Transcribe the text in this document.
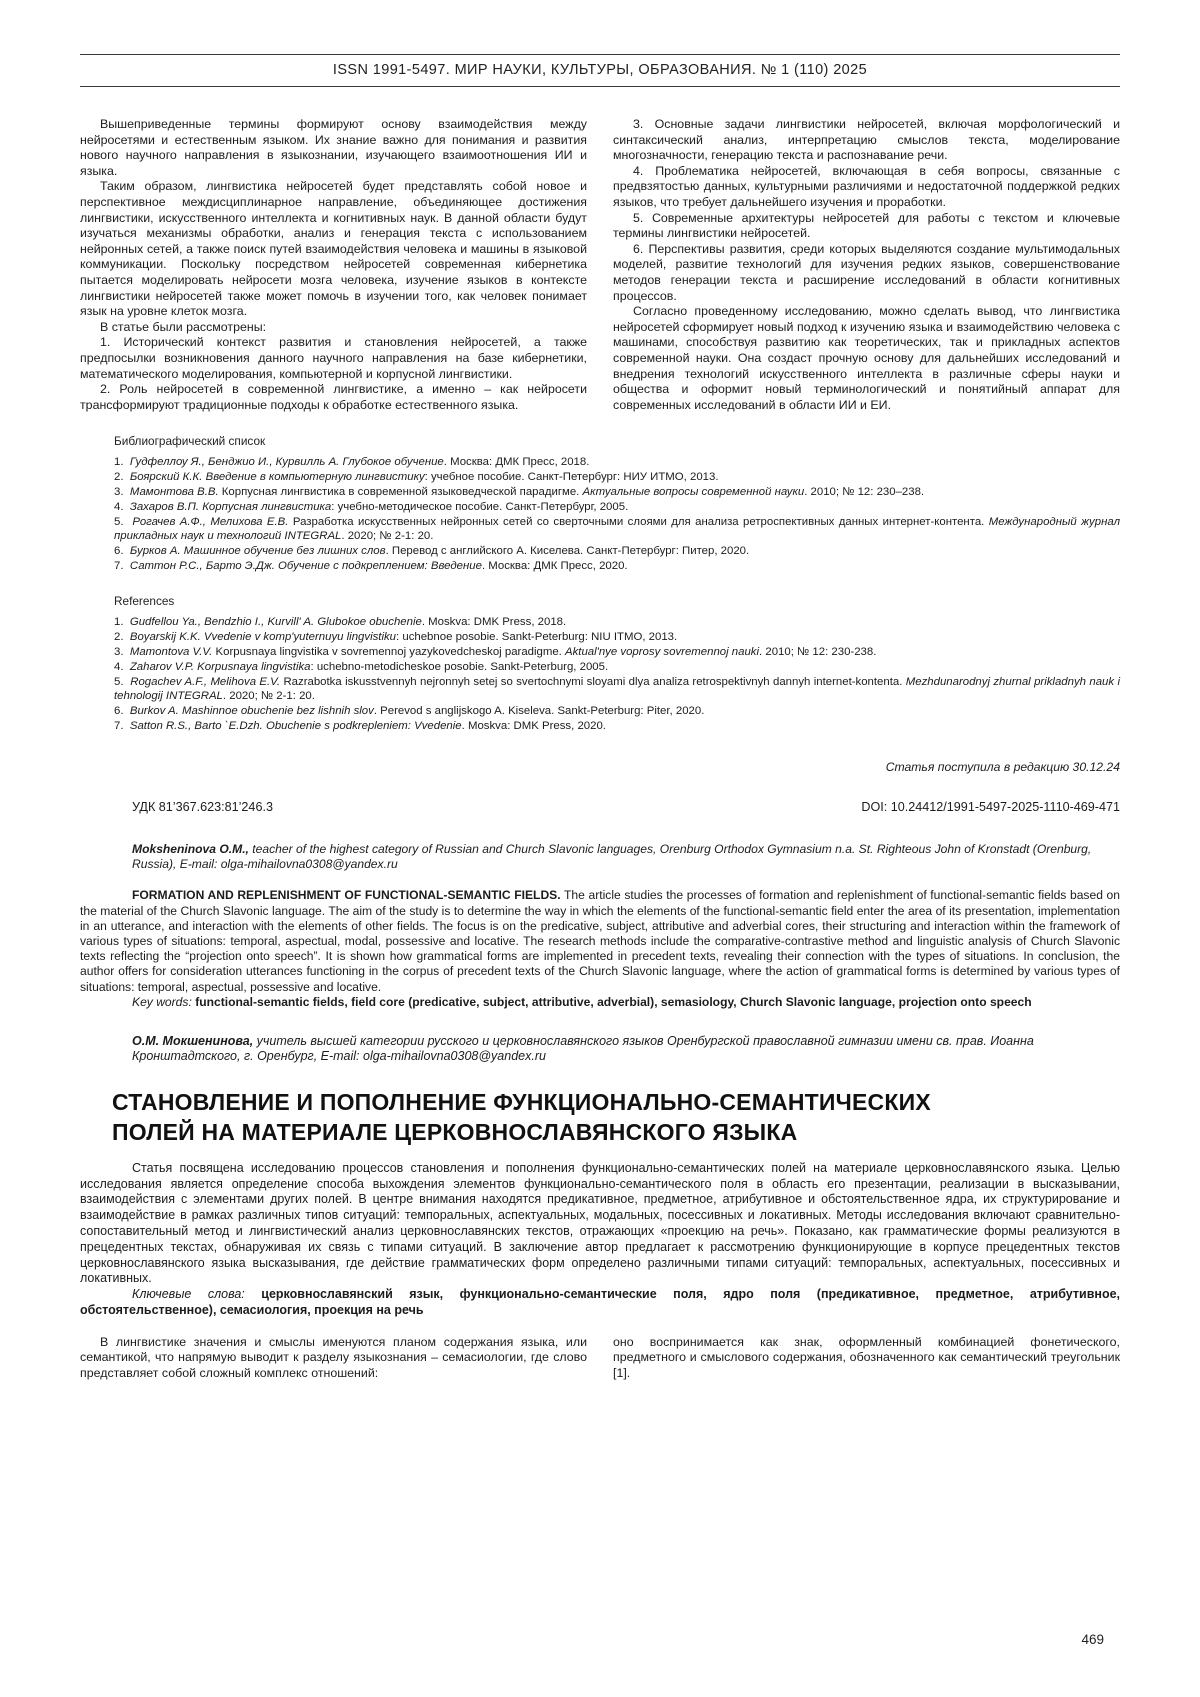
ISSN 1991-5497. МИР НАУКИ, КУЛЬТУРЫ, ОБРАЗОВАНИЯ. № 1 (110) 2025

Вышеприведенные термины формируют основу взаимодействия между нейросетями и естественным языком. Их знание важно для понимания и развития нового научного направления в языкознании, изучающего взаимоотношения ИИ и языка.

Таким образом, лингвистика нейросетей будет представлять собой новое и перспективное междисциплинарное направление, объединяющее достижения лингвистики, искусственного интеллекта и когнитивных наук. В данной области будут изучаться механизмы обработки, анализ и генерация текста с использованием нейронных сетей, а также поиск путей взаимодействия человека и машины в языковой коммуникации. Поскольку посредством нейросетей современная кибернетика пытается моделировать нейросети мозга человека, изучение языков в контексте лингвистики нейросетей также может помочь в изучении того, как человек понимает язык на уровне клеток мозга.

В статье были рассмотрены:

1. Исторический контекст развития и становления нейросетей, а также предпосылки возникновения данного научного направления на базе кибернетики, математического моделирования, компьютерной и корпусной лингвистики.

2. Роль нейросетей в современной лингвистике, а именно – как нейросети трансформируют традиционные подходы к обработке естественного языка.

3. Основные задачи лингвистики нейросетей, включая морфологический и синтаксический анализ, интерпретацию смыслов текста, моделирование многозначности, генерацию текста и распознавание речи.

4. Проблематика нейросетей, включающая в себя вопросы, связанные с предвзятостью данных, культурными различиями и недостаточной поддержкой редких языков, что требует дальнейшего изучения и проработки.

5. Современные архитектуры нейросетей для работы с текстом и ключевые термины лингвистики нейросетей.

6. Перспективы развития, среди которых выделяются создание мультимодальных моделей, развитие технологий для изучения редких языков, совершенствование методов генерации текста и расширение исследований в области когнитивных процессов.

Согласно проведенному исследованию, можно сделать вывод, что лингвистика нейросетей сформирует новый подход к изучению языка и взаимодействию человека с машинами, способствуя развитию как теоретических, так и прикладных аспектов современной науки. Она создаст прочную основу для дальнейших исследований и внедрения технологий искусственного интеллекта в различные сферы науки и общества и оформит новый терминологический и понятийный аппарат для современных исследований в области ИИ и ЕИ.

Библиографический список
Гудфеллоу Я., Бенджио И., Курвилль А. Глубокое обучение. Москва: ДМК Пресс, 2018.
Боярский К.К. Введение в компьютерную лингвистику: учебное пособие. Санкт-Петербург: НИУ ИТМО, 2013.
Мамонтова В.В. Корпусная лингвистика в современной языковедческой парадигме. Актуальные вопросы современной науки. 2010; № 12: 230–238.
Захаров В.П. Корпусная лингвистика: учебно-методическое пособие. Санкт-Петербург, 2005.
Рогачев А.Ф., Мелихова Е.В. Разработка искусственных нейронных сетей со сверточными слоями для анализа ретроспективных данных интернет-контента. Международный журнал прикладных наук и технологий INTEGRAL. 2020; № 2-1: 20.
Бурков А. Машинное обучение без лишних слов. Перевод с английского А. Киселева. Санкт-Петербург: Питер, 2020.
Саттон Р.С., Барто Э.Дж. Обучение с подкреплением: Введение. Москва: ДМК Пресс, 2020.
References
Gudfellou Ya., Bendzhio I., Kurvill' A. Glubokoe obuchenie. Moskva: DMK Press, 2018.
Boyarskij K.K. Vvedenie v komp'yuternuyu lingvistiku: uchebnoe posobie. Sankt-Peterburg: NIU ITMO, 2013.
Mamontova V.V. Korpusnaya lingvistika v sovremennoj yazykovedcheskoj paradigme. Aktual'nye voprosy sovremennoj nauki. 2010; № 12: 230-238.
Zaharov V.P. Korpusnaya lingvistika: uchebno-metodicheskoe posobie. Sankt-Peterburg, 2005.
Rogachev A.F., Melihova E.V. Razrabotka iskusstvennyh nejronnyh setej so svertochnymi sloyami dlya analiza retrospektivnyh dannyh internet-kontenta. Mezhdunarodnyj zhurnal prikladnyh nauk i tehnologij INTEGRAL. 2020; № 2-1: 20.
Burkov A. Mashinnoe obuchenie bez lishnih slov. Perevod s anglijskogo A. Kiseleva. Sankt-Peterburg: Piter, 2020.
Satton R.S., Barto `E.Dzh. Obuchenie s podkrepleniem: Vvedenie. Moskva: DMK Press, 2020.

Статья поступила в редакцию 30.12.24

УДК 81’367.623:81’246.3	DOI: 10.24412/1991-5497-2025-1110-469-471

Moksheninova O.M., teacher of the highest category of Russian and Church Slavonic languages, Orenburg Orthodox Gymnasium n.a. St. Righteous John of Kronstadt (Orenburg, Russia), E-mail: olga-mihailovna0308@yandex.ru

FORMATION AND REPLENISHMENT OF FUNCTIONAL-SEMANTIC FIELDS. The article studies the processes of formation and replenishment of functional-semantic fields based on the material of the Church Slavonic language. The aim of the study is to determine the way in which the elements of the functional-semantic field enter the area of its presentation, implementation in an utterance, and interaction with the elements of other fields. The focus is on the predicative, subject, attributive and adverbial cores, their structuring and interaction within the framework of various types of situations: temporal, aspectual, modal, possessive and locative. The research methods include the comparative-contrastive method and linguistic analysis of Church Slavonic texts reflecting the “projection onto speech”. It is shown how grammatical forms are implemented in precedent texts, revealing their connection with the types of situations. In conclusion, the author offers for consideration utterances functioning in the corpus of precedent texts of the Church Slavonic language, where the action of grammatical forms is determined by various types of situations: temporal, aspectual, possessive and locative.

Key words: functional-semantic fields, field core (predicative, subject, attributive, adverbial), semasiology, Church Slavonic language, projection onto speech

О.М. Мокшенинова, учитель высшей категории русского и церковнославянского языков Оренбургской православной гимназии имени св. прав. Иоанна Кронштадтского, г. Оренбург, E-mail: olga-mihailovna0308@yandex.ru

СТАНОВЛЕНИЕ И ПОПОЛНЕНИЕ ФУНКЦИОНАЛЬНО-СЕМАНТИЧЕСКИХ ПОЛЕЙ НА МАТЕРИАЛЕ ЦЕРКОВНОСЛАВЯНСКОГО ЯЗЫКА

Статья посвящена исследованию процессов становления и пополнения функционально-семантических полей на материале церковнославянского языка. Целью исследования является определение способа выхождения элементов функционально-семантического поля в область его презентации, реализации в высказывании, взаимодействия с элементами других полей. В центре внимания находятся предикативное, предметное, атрибутивное и обстоятельственное ядра, их структурирование и взаимодействие в рамках различных типов ситуаций: темпоральных, аспектуальных, модальных, посессивных и локативных. Методы исследования включают сравнительно-сопоставительный метод и лингвистический анализ церковнославянских текстов, отражающих «проекцию на речь». Показано, как грамматические формы реализуются в прецедентных текстах, обнаруживая их связь с типами ситуаций. В заключение автор предлагает к рассмотрению функционирующие в корпусе прецедентных текстов церковнославянского языка высказывания, где действие грамматических форм определено различными типами ситуаций: темпоральных, аспектуальных, посессивных и локативных.

Ключевые слова: церковнославянский язык, функционально-семантические поля, ядро поля (предикативное, предметное, атрибутивное, обстоятельственное), семасиология, проекция на речь

В лингвистике значения и смыслы именуются планом содержания языка, или семантикой, что напрямую выводит к разделу языкознания – семасиологии, где слово представляет собой сложный комплекс отношений:

оно воспринимается как знак, оформленный комбинацией фонетического, предметного и смыслового содержания, обозначенного как семантический треугольник [1].

469
